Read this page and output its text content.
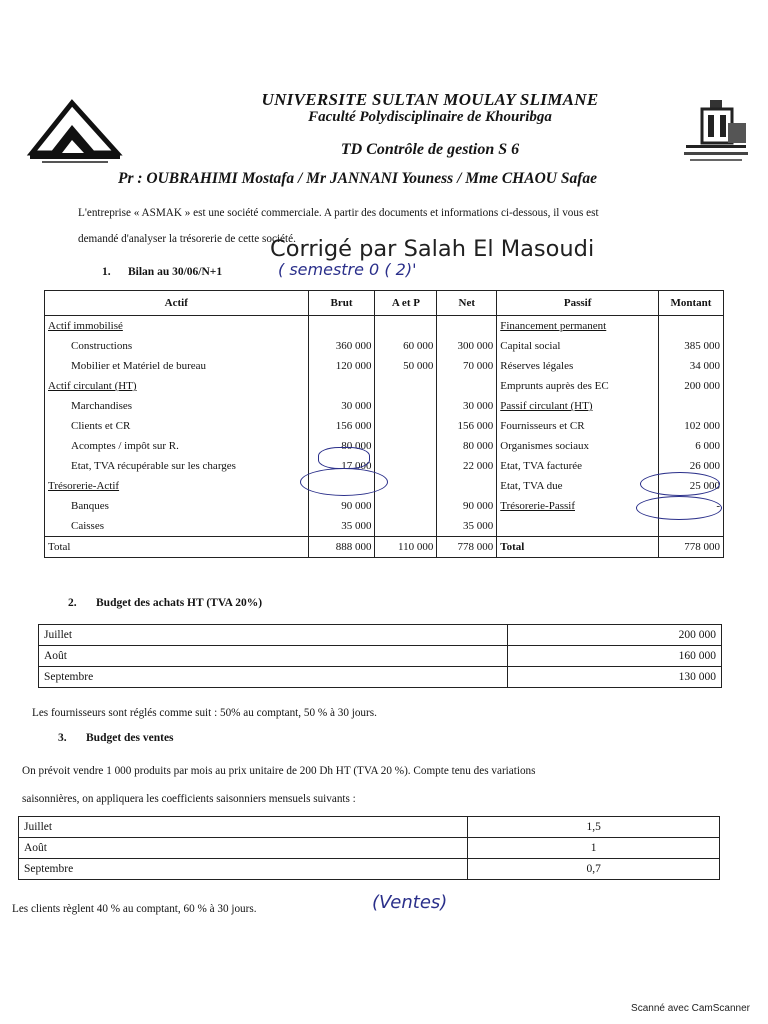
UNIVERSITE SULTAN MOULAY SLIMANE
Faculté Polydisciplinaire de Khouribga
TD Contrôle de gestion S 6
Pr : OUBRAHIMI Mostafa / Mr JANNANI Youness / Mme CHAOU Safae
L'entreprise « ASMAK » est une société commerciale. A partir des documents et informations ci-dessous, il vous est
demandé d'analyser la trésorerie de cette société.
Corrigé par Salah El Masoudi
1. Bilan au 30/06/N+1	( semestre 0 ( 2)'
Actif	Brut	A et P	Net	Passif	Montant
Actif immobilisé				Financement permanent	
Constructions	360 000	60 000	300 000	Capital social	385 000
Mobilier et Matériel de bureau	120 000	50 000	70 000	Réserves légales	34 000
Actif circulant (HT)				Emprunts auprès des EC	200 000
Marchandises	30 000		30 000	Passif circulant (HT)	
Clients et CR	156 000		156 000	Fournisseurs et CR	102 000
Acomptes / impôt sur R.	80 000		80 000	Organismes sociaux	6 000
Etat, TVA récupérable sur les charges	17 000		22 000	Etat, TVA facturée	26 000
Trésorerie-Actif				Etat, TVA due	25 000
Banques	90 000		90 000	Trésorerie-Passif	-
Caisses	35 000		35 000		
Total	888 000	110 000	778 000	Total	778 000
2. Budget des achats HT (TVA 20%)
Juillet	200 000
Août	160 000
Septembre	130 000
Les fournisseurs sont réglés comme suit : 50% au comptant, 50 % à 30 jours.
3. Budget des ventes
On prévoit vendre 1 000 produits par mois au prix unitaire de 200 Dh HT (TVA 20 %). Compte tenu des variations
saisonnières, on appliquera les coefficients saisonniers mensuels suivants :
Juillet	1,5
Août	1
Septembre	0,7
Les clients règlent 40 % au comptant, 60 % à 30 jours.	(Ventes)
Scanné avec CamScanner
